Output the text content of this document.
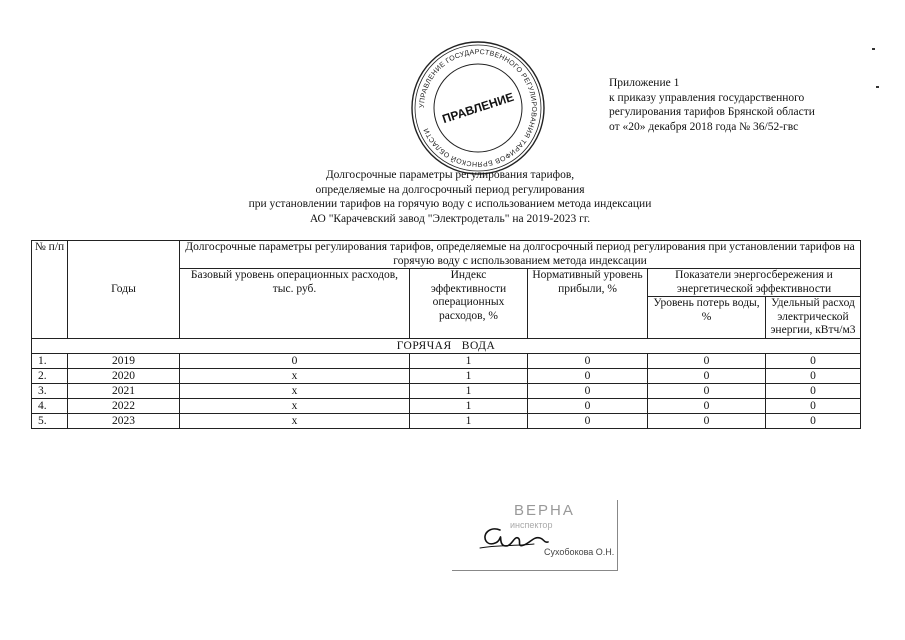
УПРАВЛЕНИЕ ГОСУДАРСТВЕННОГО РЕГУЛИРОВАНИЯ ТАРИФОВ БРЯНСКОЙ ОБЛАСТИ
ПРАВЛЕНИЕ
Приложение 1
к приказу управления государственного
регулирования тарифов Брянской области
от «20» декабря 2018 года № 36/52-гвс
Долгосрочные параметры регулирования тарифов,
определяемые на долгосрочный период регулирования
при установлении тарифов на горячую воду с использованием метода индексации
АО "Карачевский завод "Электродеталь" на 2019-2023 гг.
№ п/п	Годы	Долгосрочные параметры регулирования тарифов, определяемые на долгосрочный период регулирования при установлении тарифов на горячую воду с использованием метода индексации				
		Базовый уровень операционных расходов, тыс. руб.	Индекс эффективности операционных расходов, %	Нормативный уровень прибыли, %	Показатели энергосбережения и энергетической эффективности	
					Уровень потерь воды, %	Удельный расход электрической энергии, кВтч/м3
ГОРЯЧАЯ   ВОДА						
1.	2019	0	1	0	0	0
2.	2020	х	1	0	0	0
3.	2021	х	1	0	0	0
4.	2022	х	1	0	0	0
5.	2023	х	1	0	0	0
ВЕРНА
инспектор
Сухобокова О.Н.
